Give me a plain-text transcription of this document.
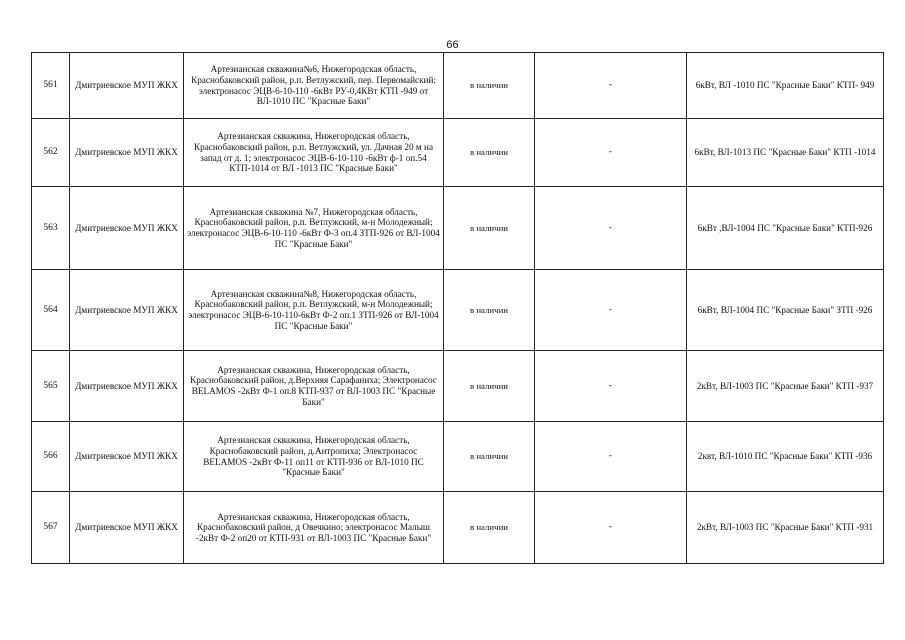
66
561	Дмитриевское МУП ЖКХ	Артезианская скважина№6, Нижегородская область, Краснобаковский район, р.п. Ветлужский, пер. Первомайский; электронасос ЭЦВ-6-10-110 -6кВт РУ-0,4КВт КТП -949 от ВЛ-1010 ПС "Красные Баки"	в наличии	-	6кВт, ВЛ -1010 ПС "Красные Баки" КТП- 949
562	Дмитриевское МУП ЖКХ	Артезианская скважина, Нижегородская область, Краснобаковский район, р.п. Ветлужский, ул. Дачная 20 м на запад от д. 1; электронасос ЭЦВ-6-10-110 -6кВт ф-1 оп.54 КТП-1014 от ВЛ -1013 ПС "Красные Баки"	в наличии	-	6кВт, ВЛ-1013 ПС "Красные Баки" КТП -1014
563	Дмитриевское МУП ЖКХ	Артезианская скважина №7, Нижегородская область, Краснобаковский район, р.п. Ветлужский, м-н Молодежный; электронасос ЭЦВ-6-10-110 -6кВт Ф-3 оп.4 ЗТП-926 от ВЛ-1004 ПС "Красные Баки"	в наличии	-	6кВт ,ВЛ-1004 ПС "Красные Баки" КТП-926
564	Дмитриевское МУП ЖКХ	Артезианская скважина№8, Нижегородская область, Краснобаковский район, р.п. Ветлужский, м-н Молодежный; электронасос ЭЦВ-6-10-110-6кВт Ф-2 оп.1 ЗТП-926 от ВЛ-1004 ПС "Красные Баки"	в наличии	-	6кВт, ВЛ-1004 ПС "Красные Баки" ЗТП -926
565	Дмитриевское МУП ЖКХ	Артезианская скважина, Нижегородская область, Краснобаковский район, д.Верхняя Сарафаниха; Электронасос BELAMOS -2кВт Ф-1 оп.8 КТП-937 от ВЛ-1003 ПС "Красные Баки"	в наличии	-	2кВт, ВЛ-1003 ПС "Красные Баки" КТП -937
566	Дмитриевское МУП ЖКХ	Артезианская скважина, Нижегородская область, Краснобаковский район, д.Антропиха; Электронасос BELAMOS -2кВт Ф-11 оп11 от КТП-936 от ВЛ-1010 ПС "Красные Баки"	в наличии	-	2квт, ВЛ-1010 ПС "Красные Баки" КТП -936
567	Дмитриевское МУП ЖКХ	Артезианская скважина, Нижегородская область, Краснобаковский район, д Овечкино; электронасос Малыш -2кВт Ф-2 оп20 от КТП-931 от ВЛ-1003 ПС "Красные Баки"	в наличии	-	2кВт, ВЛ-1003 ПС "Красные Баки" КТП -931
